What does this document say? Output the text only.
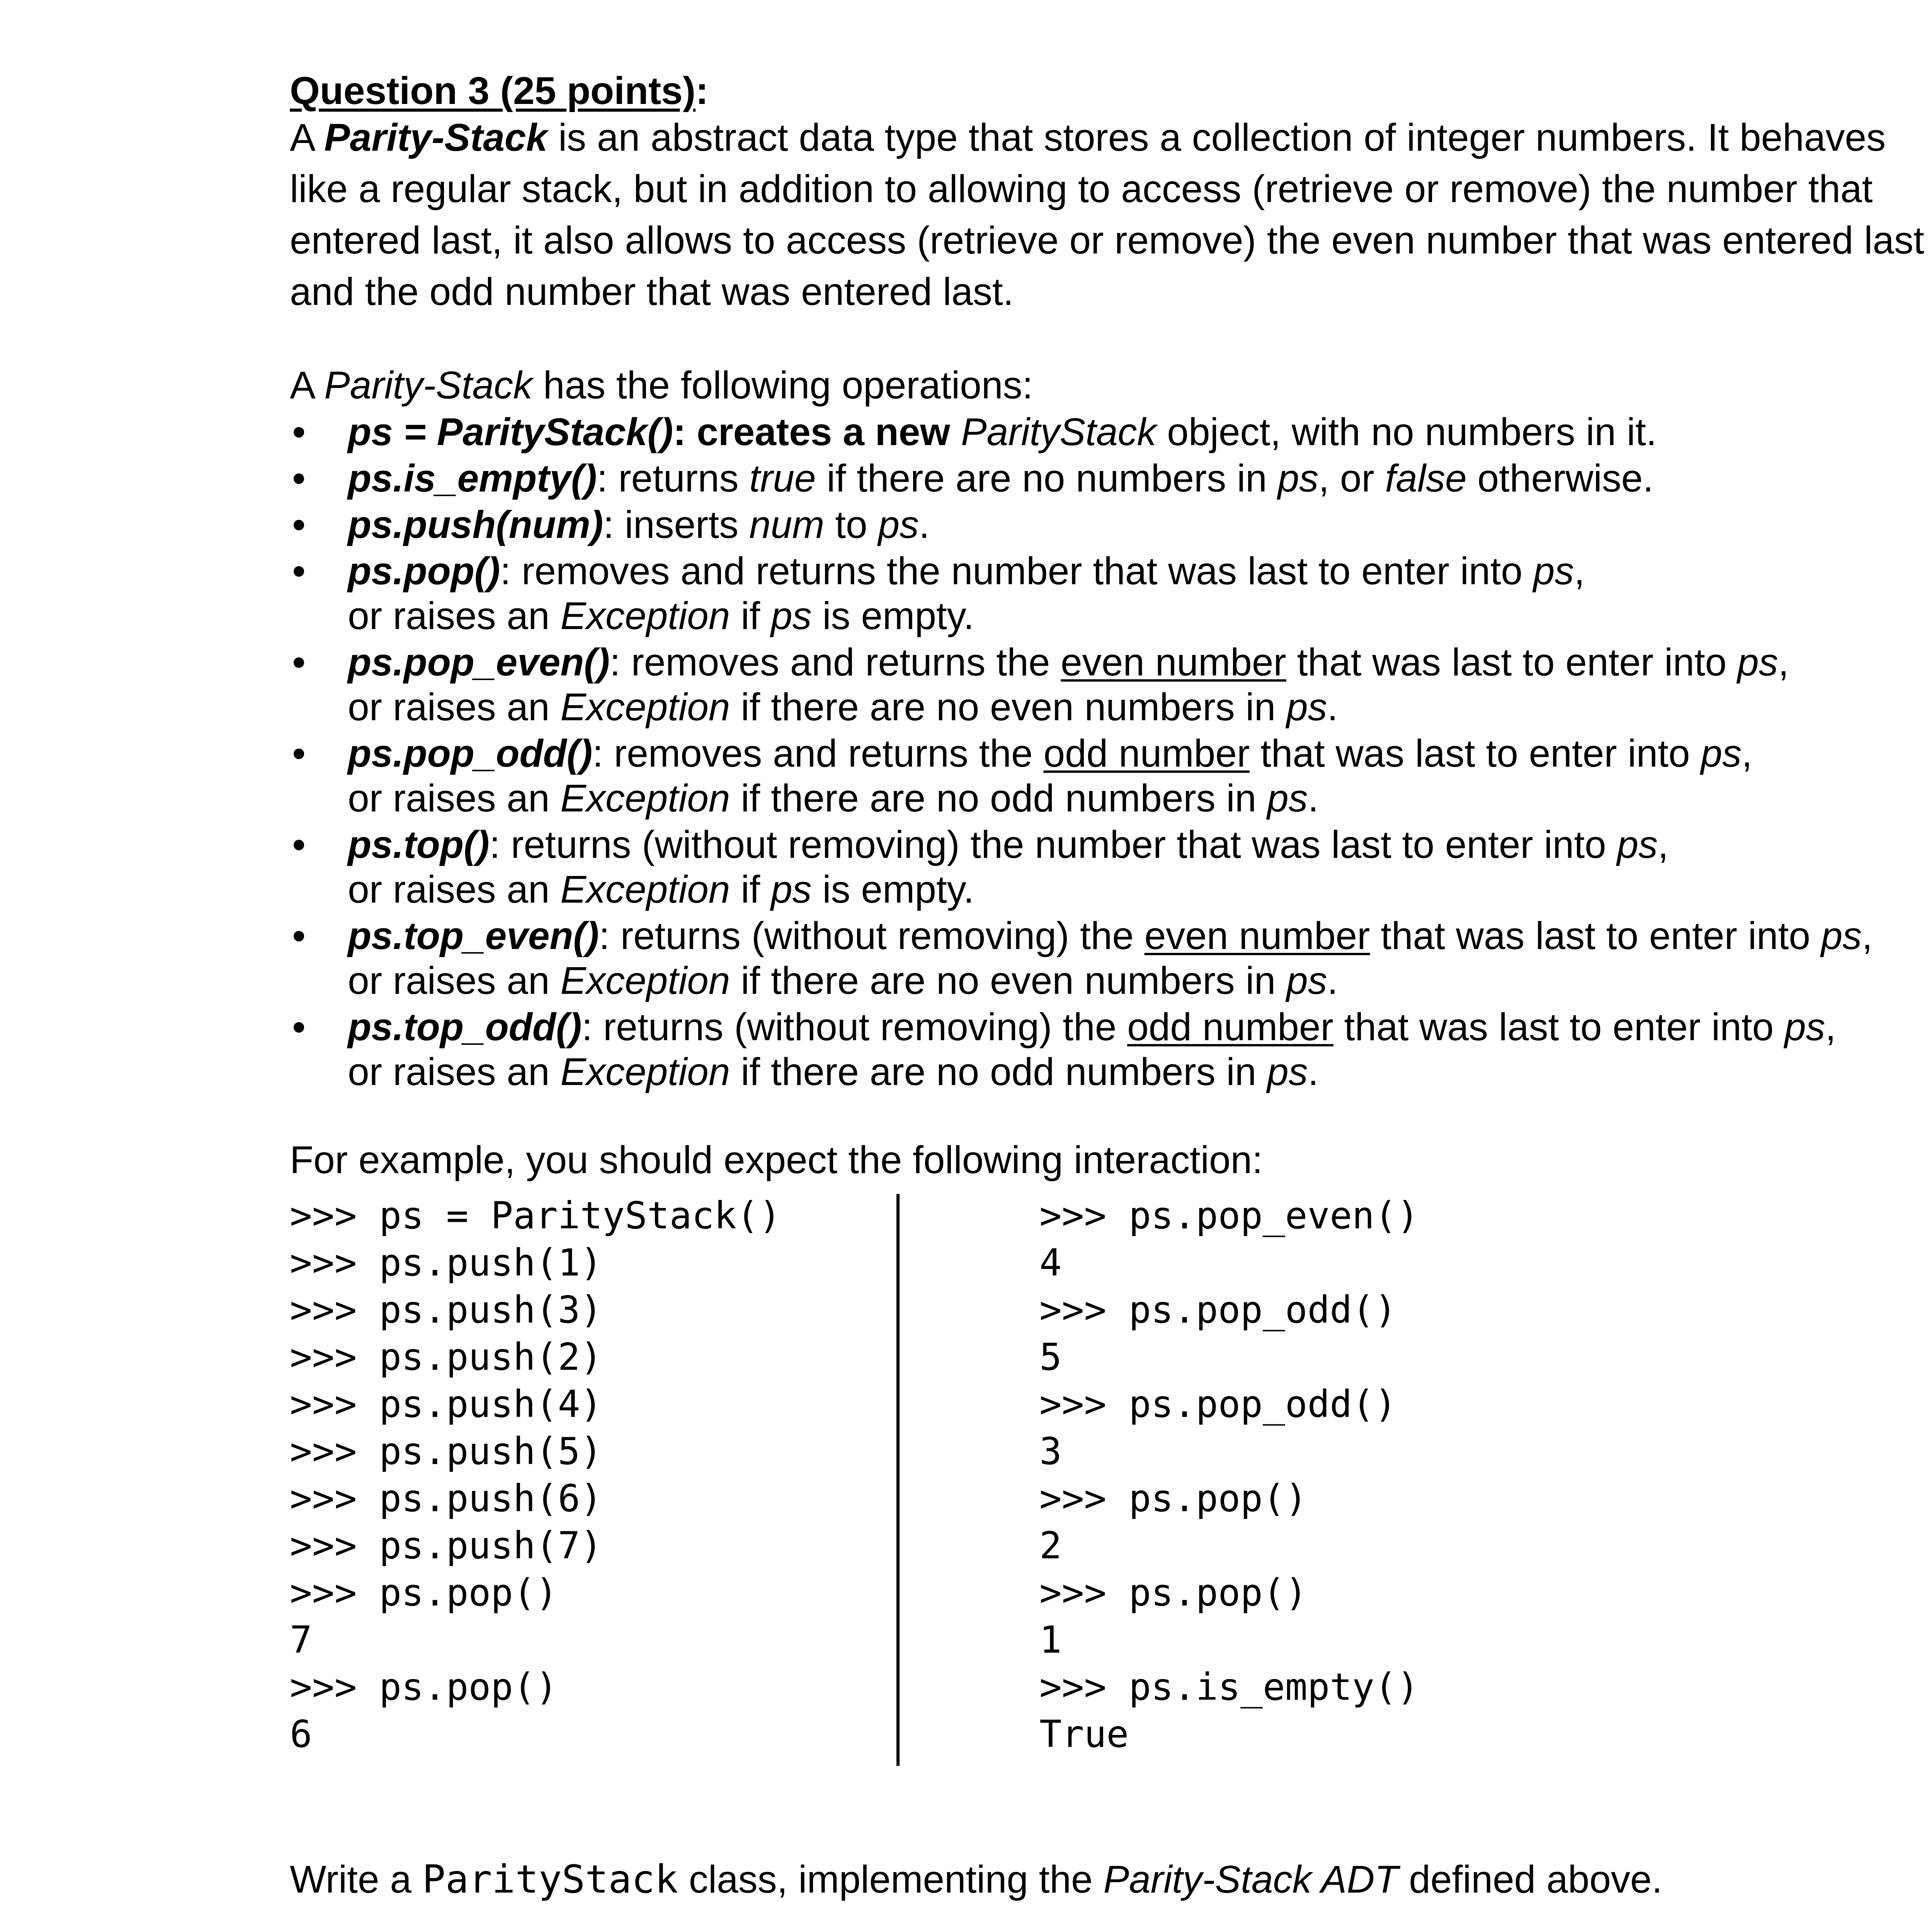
Question 3 (25 points):
A Parity-Stack is an abstract data type that stores a collection of integer numbers. It behaves like a regular stack, but in addition to allowing to access (retrieve or remove) the number that entered last, it also allows to access (retrieve or remove) the even number that was entered last and the odd number that was entered last.
A Parity-Stack has the following operations:
ps = ParityStack(): creates a new ParityStack object, with no numbers in it.
ps.is_empty(): returns true if there are no numbers in ps, or false otherwise.
ps.push(num): inserts num to ps.
ps.pop(): removes and returns the number that was last to enter into ps,
or raises an Exception if ps is empty.
ps.pop_even(): removes and returns the even number that was last to enter into ps,
or raises an Exception if there are no even numbers in ps.
ps.pop_odd(): removes and returns the odd number that was last to enter into ps,
or raises an Exception if there are no odd numbers in ps.
ps.top(): returns (without removing) the number that was last to enter into ps,
or raises an Exception if ps is empty.
ps.top_even(): returns (without removing) the even number that was last to enter into ps,
or raises an Exception if there are no even numbers in ps.
ps.top_odd(): returns (without removing) the odd number that was last to enter into ps,
or raises an Exception if there are no odd numbers in ps.
For example, you should expect the following interaction:
>>> ps = ParityStack()
>>> ps.push(1)
>>> ps.push(3)
>>> ps.push(2)
>>> ps.push(4)
>>> ps.push(5)
>>> ps.push(6)
>>> ps.push(7)
>>> ps.pop()
7
>>> ps.pop()
6
>>> ps.pop_even()
4
>>> ps.pop_odd()
5
>>> ps.pop_odd()
3
>>> ps.pop()
2
>>> ps.pop()
1
>>> ps.is_empty()
True
Write a ParityStack class, implementing the Parity-Stack ADT defined above.
